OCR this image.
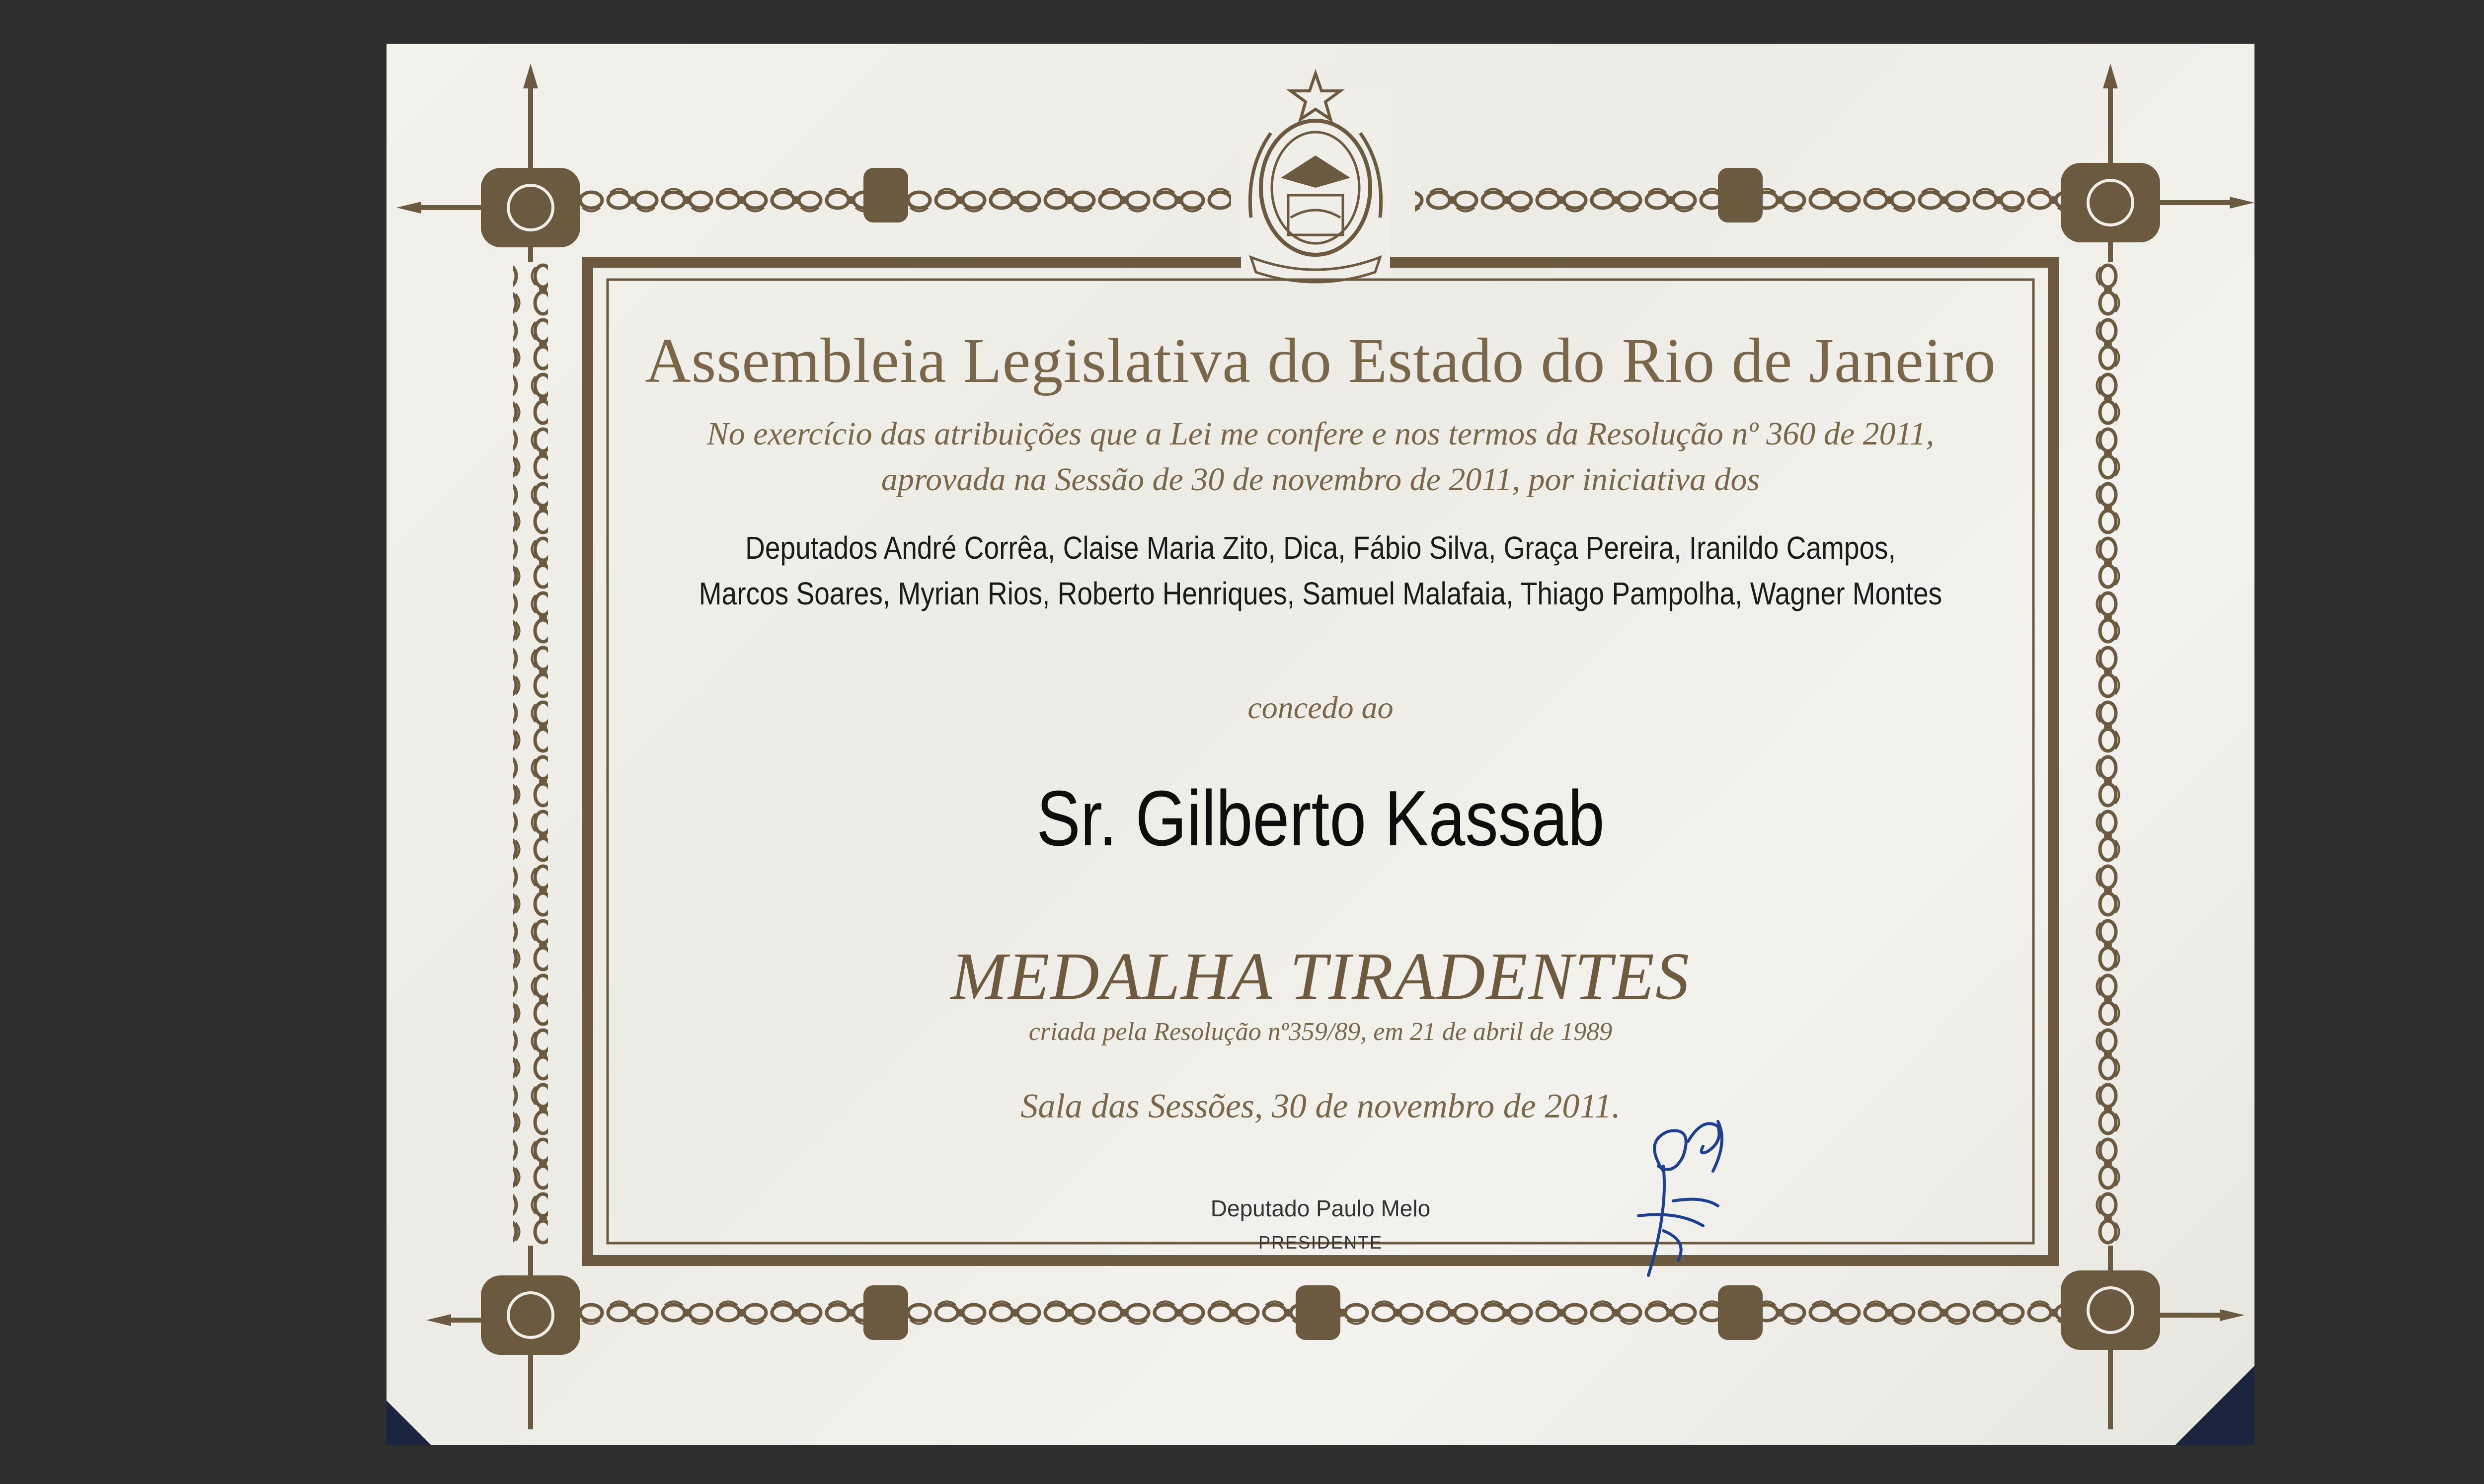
Assembleia Legislativa do Estado do Rio de Janeiro
No exercício das atribuições que a Lei me confere e nos termos da Resolução nº 360 de 2011,
aprovada na Sessão de 30 de novembro de 2011, por iniciativa dos
Deputados André Corrêa, Claise Maria Zito, Dica, Fábio Silva, Graça Pereira, Iranildo Campos,
Marcos Soares, Myrian Rios, Roberto Henriques, Samuel Malafaia, Thiago Pampolha, Wagner Montes
concedo ao
Sr. Gilberto Kassab
MEDALHA TIRADENTES
criada pela Resolução nº359/89, em 21 de abril de 1989
Sala das Sessões, 30 de novembro de 2011.
Deputado Paulo Melo
PRESIDENTE
